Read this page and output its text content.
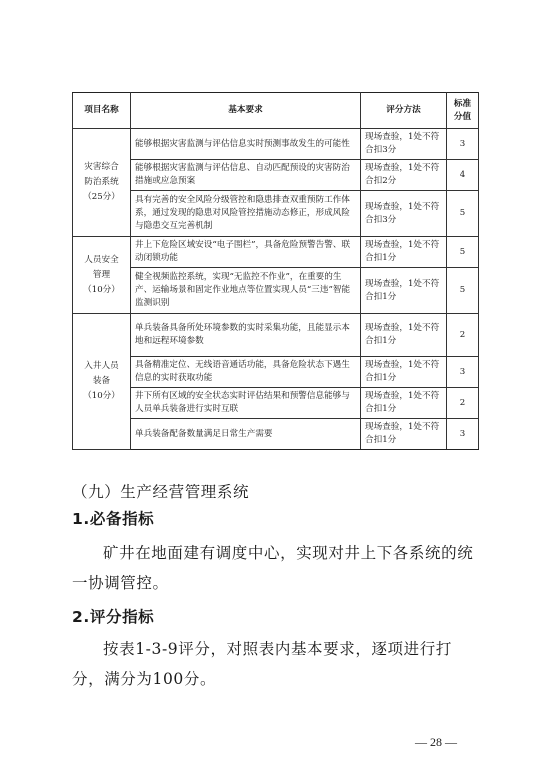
项目名称	基本要求	评分方法	标准
分值

灾害综合
防治系统
（25分）	能够根据灾害监测与评估信息实时预测事故发生的可能性	现场查验，1处不符合扣3分	3
	能够根据灾害监测与评估信息、自动匹配预设的灾害防治措施或应急预案	现场查验，1处不符合扣2分	4
	具有完善的安全风险分级管控和隐患排查双重预防工作体系，通过发现的隐患对风险管控措施动态修正，形成风险与隐患交互完善机制	现场查验，1处不符合扣3分	5

人员安全
管理
（10分）	井上下危险区域安设“电子围栏”，具备危险预警告警、联动闭锁功能	现场查验，1处不符合扣1分	5
	健全视频监控系统，实现“无监控不作业”，在重要的生产、运输场景和固定作业地点等位置实现人员“三违”智能监测识别	现场查验，1处不符合扣1分	5

入井人员
装备
（10分）	单兵装备具备所处环境参数的实时采集功能，且能显示本地和远程环境参数	现场查验，1处不符合扣1分	2
	具备精准定位、无线语音通话功能，具备危险状态下遇生信息的实时获取功能	现场查验，1处不符合扣1分	3
	井下所有区域的安全状态实时评估结果和预警信息能够与人员单兵装备进行实时互联	现场查验，1处不符合扣1分	2
	单兵装备配备数量满足日常生产需要	现场查验，1处不符合扣1分	3
（九）生产经营管理系统
1.必备指标
矿井在地面建有调度中心，实现对井上下各系统的统一协调管控。
2.评分指标
按表1-3-9评分，对照表内基本要求，逐项进行打分，满分为100分。
— 28 —
